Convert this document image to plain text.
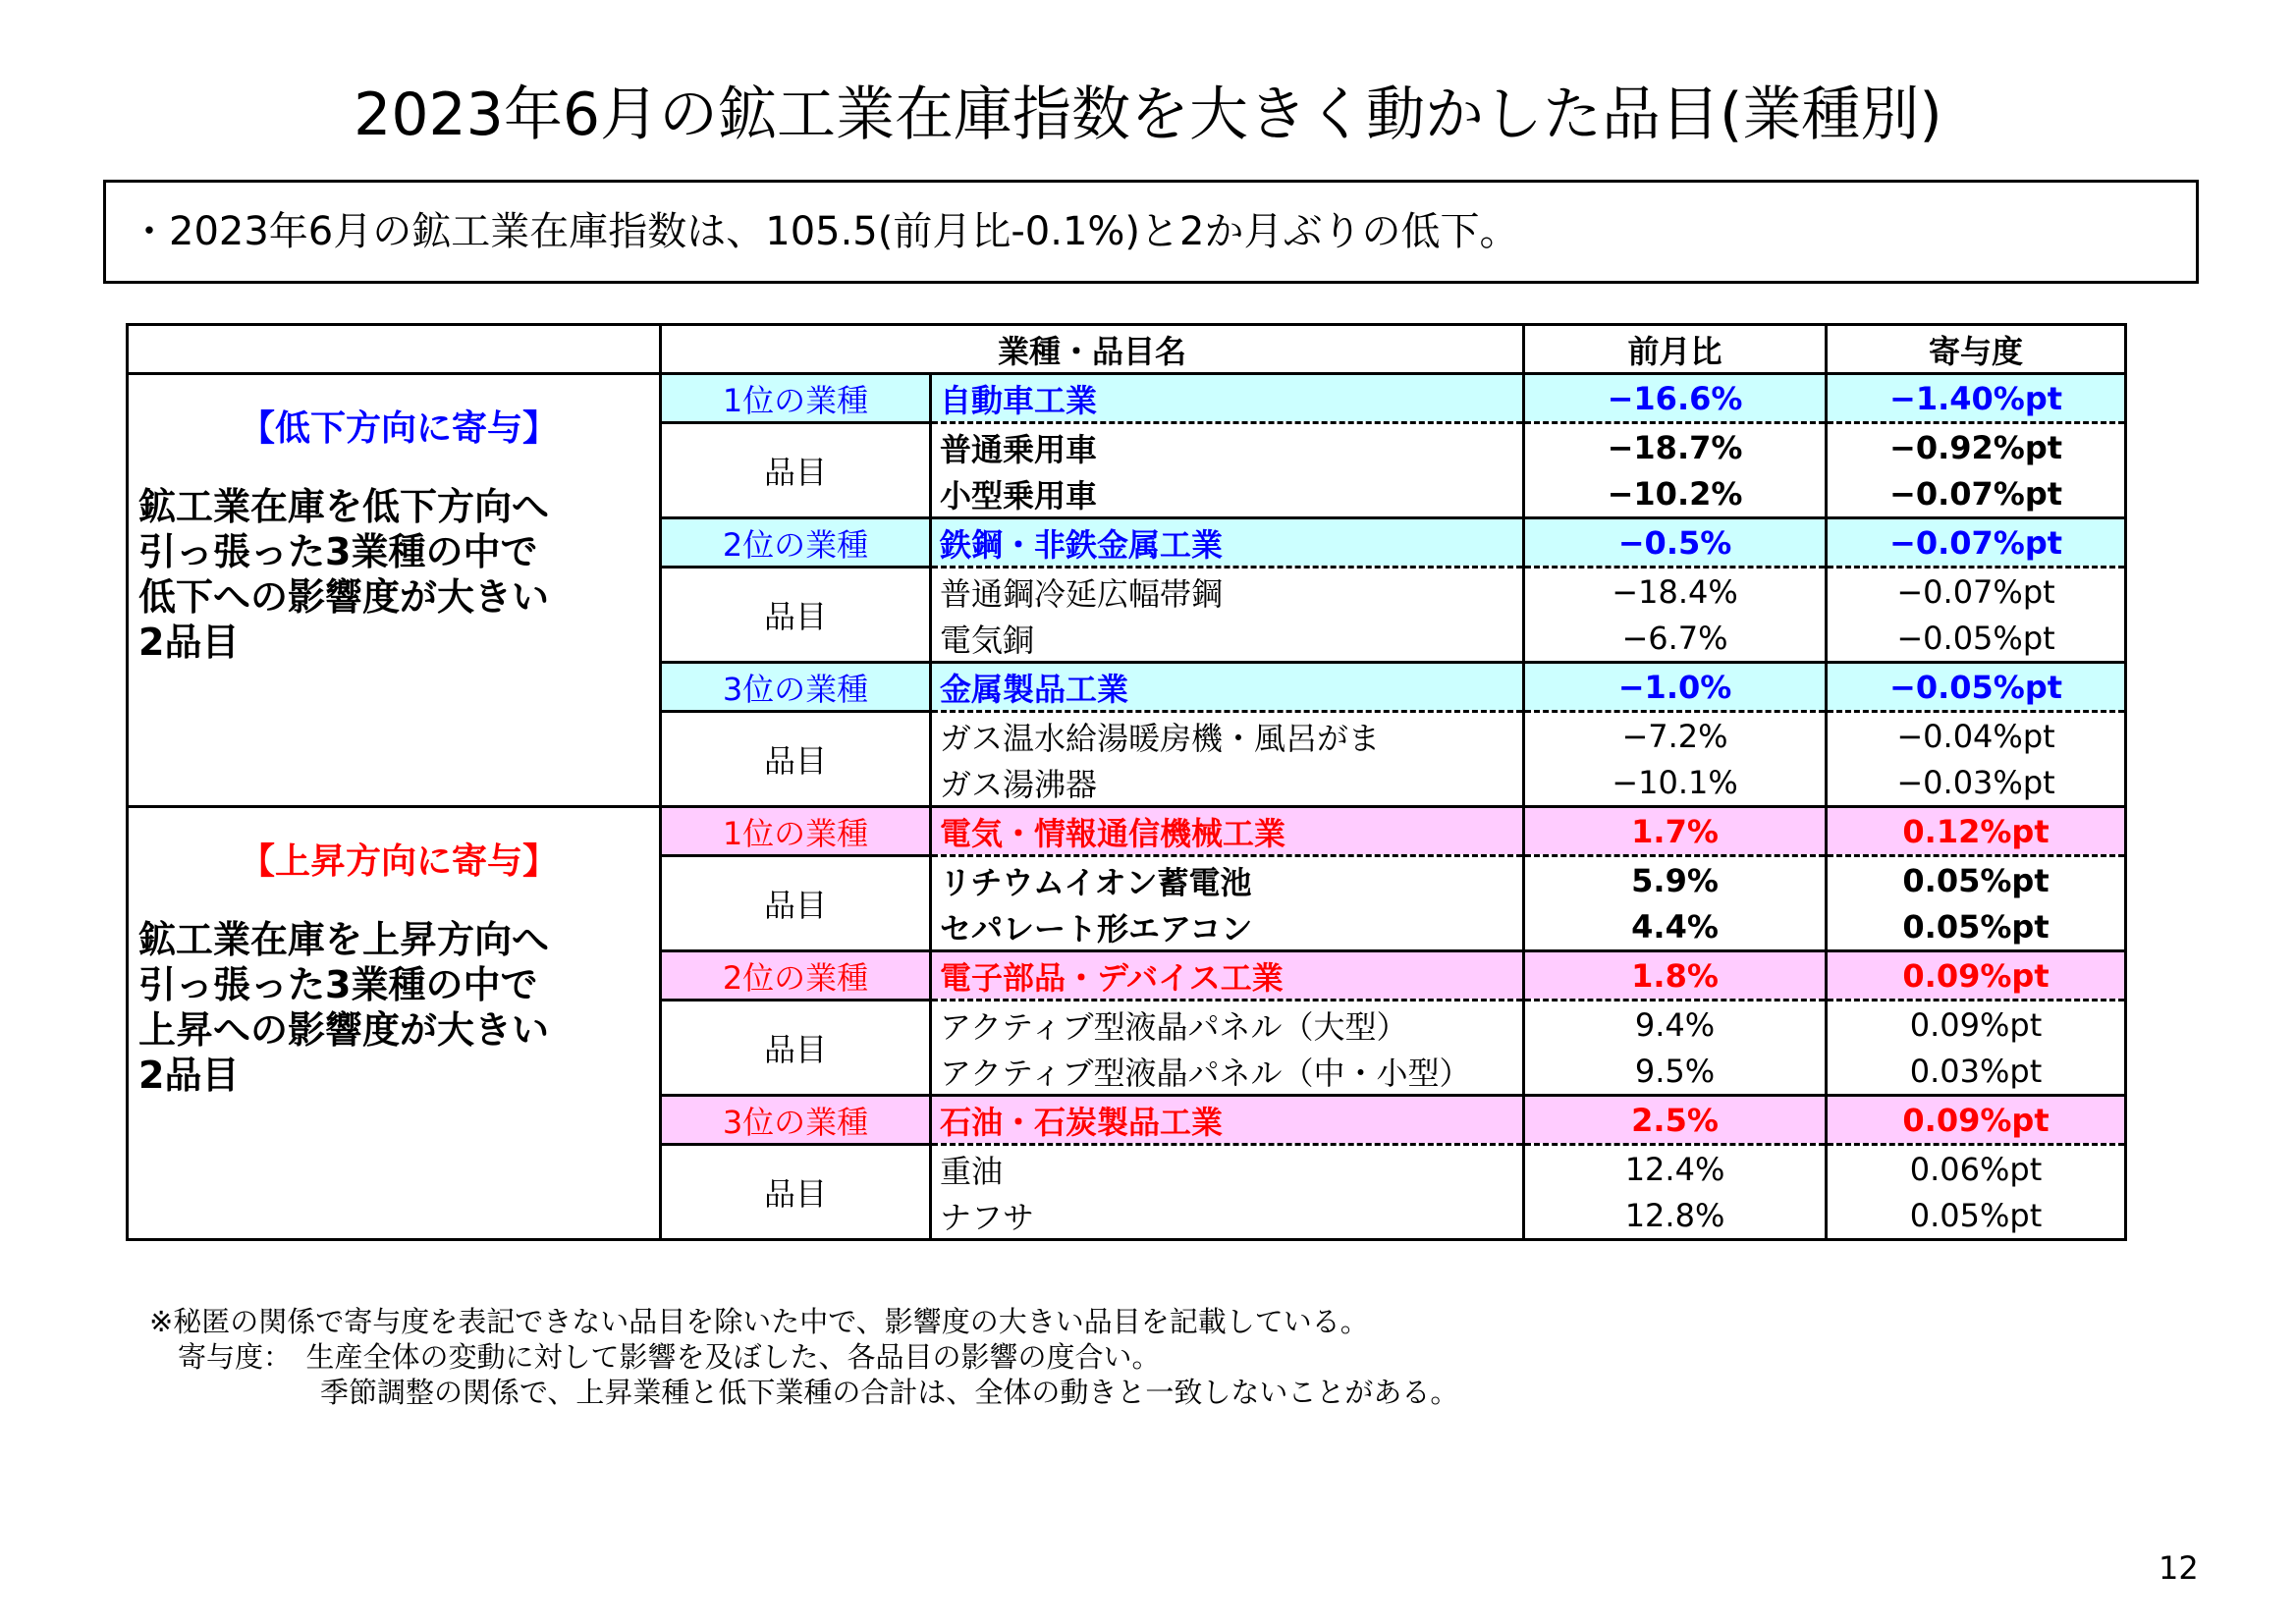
2023年6月の鉱工業在庫指数を大きく動かした品目(業種別)
・2023年6月の鉱工業在庫指数は、105.5(前月比-0.1%)と2か月ぶりの低下。
	業種・品目名		前月比	寄与度

【低下方向に寄与】
鉱工業在庫を低下方向へ
引っ張った3業種の中で
低下への影響度が大きい
2品目	1位の業種	自動車工業	−16.6%	−1.40%pt
	品目	普通乗用車	−18.7%	−0.92%pt
		小型乗用車	−10.2%	−0.07%pt
	2位の業種	鉄鋼・非鉄金属工業	−0.5%	−0.07%pt
	品目	普通鋼冷延広幅帯鋼	−18.4%	−0.07%pt
		電気銅	−6.7%	−0.05%pt
	3位の業種	金属製品工業	−1.0%	−0.05%pt
	品目	ガス温水給湯暖房機・風呂がま	−7.2%	−0.04%pt
		ガス湯沸器	−10.1%	−0.03%pt

【上昇方向に寄与】
鉱工業在庫を上昇方向へ
引っ張った3業種の中で
上昇への影響度が大きい
2品目	1位の業種	電気・情報通信機械工業	1.7%	0.12%pt
	品目	リチウムイオン蓄電池	5.9%	0.05%pt
		セパレート形エアコン	4.4%	0.05%pt
	2位の業種	電子部品・デバイス工業	1.8%	0.09%pt
	品目	アクティブ型液晶パネル（大型）	9.4%	0.09%pt
		アクティブ型液晶パネル（中・小型）	9.5%	0.03%pt
	3位の業種	石油・石炭製品工業	2.5%	0.09%pt
	品目	重油	12.4%	0.06%pt
		ナフサ	12.8%	0.05%pt
※秘匿の関係で寄与度を表記できない品目を除いた中で、影響度の大きい品目を記載している。
　寄与度：　生産全体の変動に対して影響を及ぼした、各品目の影響の度合い。
　　　　　　季節調整の関係で、上昇業種と低下業種の合計は、全体の動きと一致しないことがある。
12
